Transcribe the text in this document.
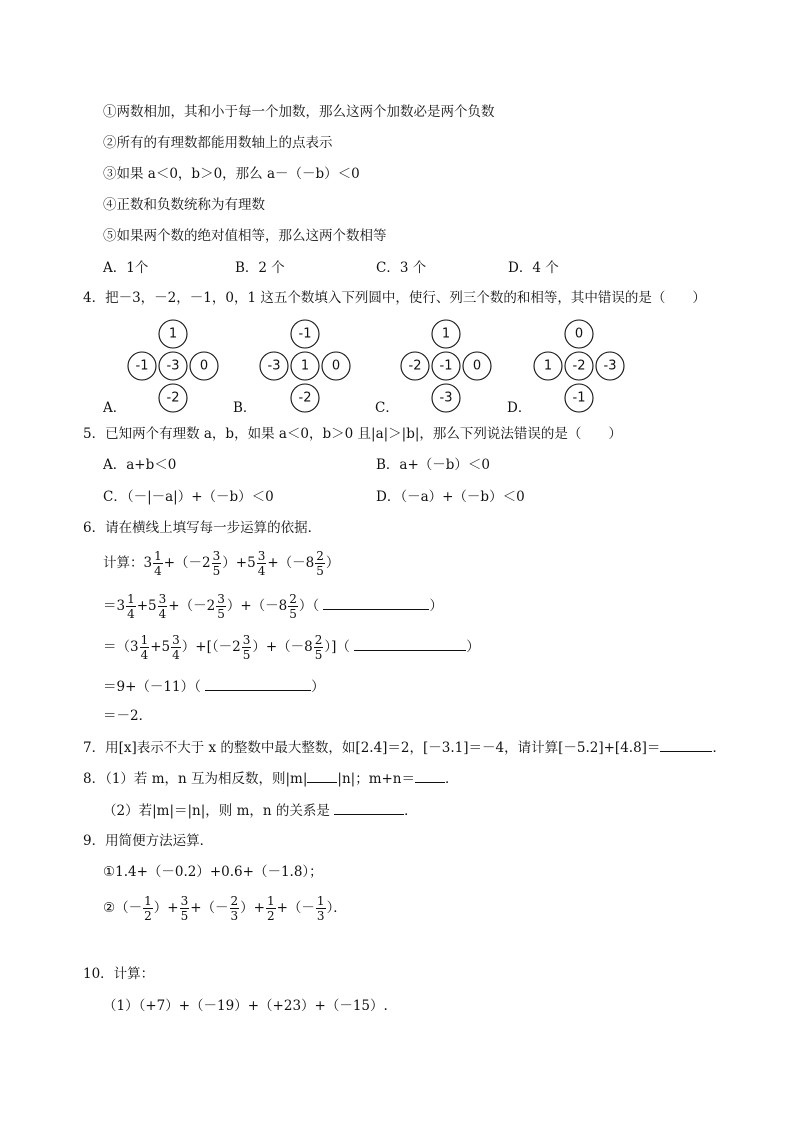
①两数相加，其和小于每一个加数，那么这两个加数必是两个负数
②所有的有理数都能用数轴上的点表示
③如果 a＜0，b＞0，那么 a－（－b）＜0
④正数和负数统称为有理数
⑤如果两个数的绝对值相等，那么这两个数相等
A．1个	B．2 个	C．3 个	D．4 个
4．把－3，－2，－1，0，1 这五个数填入下列圆中，使行、列三个数的和相等，其中错误的是（　　）
A．
1
-1 -3 0
-2
B．
-1
-3 1 0
-2
C．
1
-2 -1 0
-3
D．
0
1 -2 -3
-1
5．已知两个有理数 a，b，如果 a＜0，b＞0 且|a|＞|b|，那么下列说法错误的是（　　）
A．a+b＜0	B．a+（－b）＜0
C．（－|－a|）+（－b）＜0	D．（－a）+（－b）＜0
6．请在横线上填写每一步运算的依据．
计算：$3 \frac{1}{4} +(-2 \frac{3}{5} )+5 \frac{3}{4} +(-8 \frac{2}{5}$ ）
$=3 \frac{1}{4} +5 \frac{3}{4} +(-2 \frac{3}{5} )+(-8 \frac{2}{5}$ ）（	）
$=(3 \frac{1}{4} +5 \frac{3}{4} )+[(-2 \frac{3}{5} )+(-8 \frac{2}{5}$ ）]（	）
＝9+（－11）（	）
＝－2．
7．用[x]表示不大于 x 的整数中最大整数，如[2.4]＝2，[－3.1]＝－4，请计算[－5.2]+[4.8]＝	．
8．（1）若 m，n 互为相反数，则|m| |n|；m+n＝ ．
（2）若|m|＝|n|，则 m，n 的关系是	．
9．用简便方法运算．
①1.4+（－0.2）+0.6+（－1.8）；
②（－ $\frac{1}{2}$ ）+ $\frac{3}{5}$ +（－ $\frac{2}{3}$ ）+ $\frac{1}{2}$ +（－ $\frac{1}{3}$ ）．
10．计算：
（1）（+7）+（－19）+（+23）+（－15）.
